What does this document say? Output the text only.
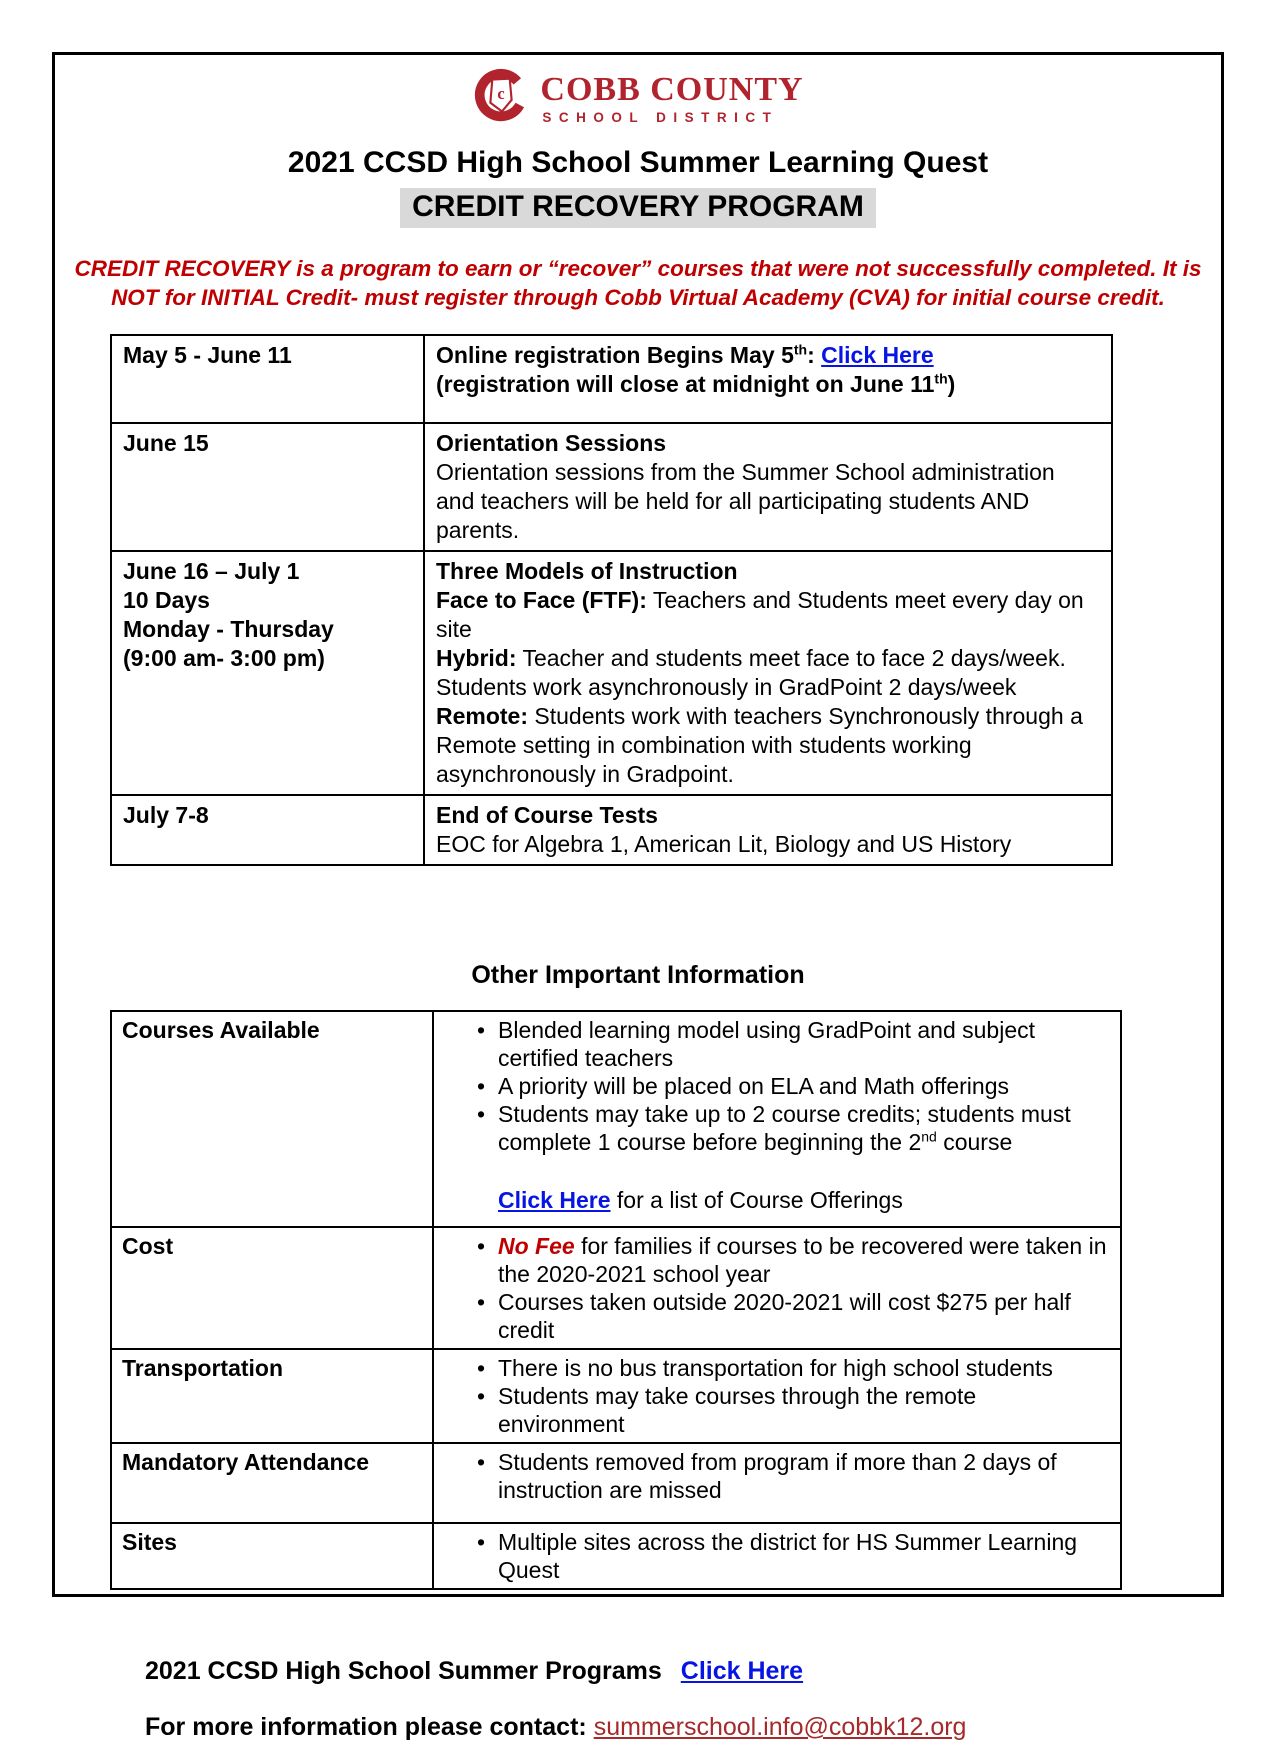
c COBB COUNTY
SCHOOL DISTRICT
2021 CCSD High School Summer Learning Quest
CREDIT RECOVERY PROGRAM
CREDIT RECOVERY is a program to earn or “recover” courses that were not successfully completed. It is
NOT for INITIAL Credit- must register through Cobb Virtual Academy (CVA) for initial course credit.
May 5 - June 11	Online registration Begins May 5th: Click Here
(registration will close at midnight on June 11th)
June 15	Orientation Sessions
Orientation sessions from the Summer School administration and teachers will be held for all participating students AND parents.
June 16 – July 1
10 Days
Monday - Thursday
(9:00 am- 3:00 pm)	Three Models of Instruction
Face to Face (FTF): Teachers and Students meet every day on site
Hybrid: Teacher and students meet face to face 2 days/week. Students work asynchronously in GradPoint 2 days/week
Remote: Students work with teachers Synchronously through a Remote setting in combination with students working asynchronously in Gradpoint.
July 7-8	End of Course Tests
EOC for Algebra 1, American Lit, Biology and US History
Other Important Information
Courses Available	• Blended learning model using GradPoint and subject certified teachers
• A priority will be placed on ELA and Math offerings
• Students may take up to 2 course credits; students must complete 1 course before beginning the 2nd course
Click Here for a list of Course Offerings

Cost	• No Fee for families if courses to be recovered were taken in the 2020-2021 school year
• Courses taken outside 2020-2021 will cost $275 per half credit

Transportation	• There is no bus transportation for high school students
• Students may take courses through the remote environment

Mandatory Attendance	• Students removed from program if more than 2 days of instruction are missed

Sites	• Multiple sites across the district for HS Summer Learning Quest
2021 CCSD High School Summer Programs Click Here
For more information please contact: summerschool.info@cobbk12.org
